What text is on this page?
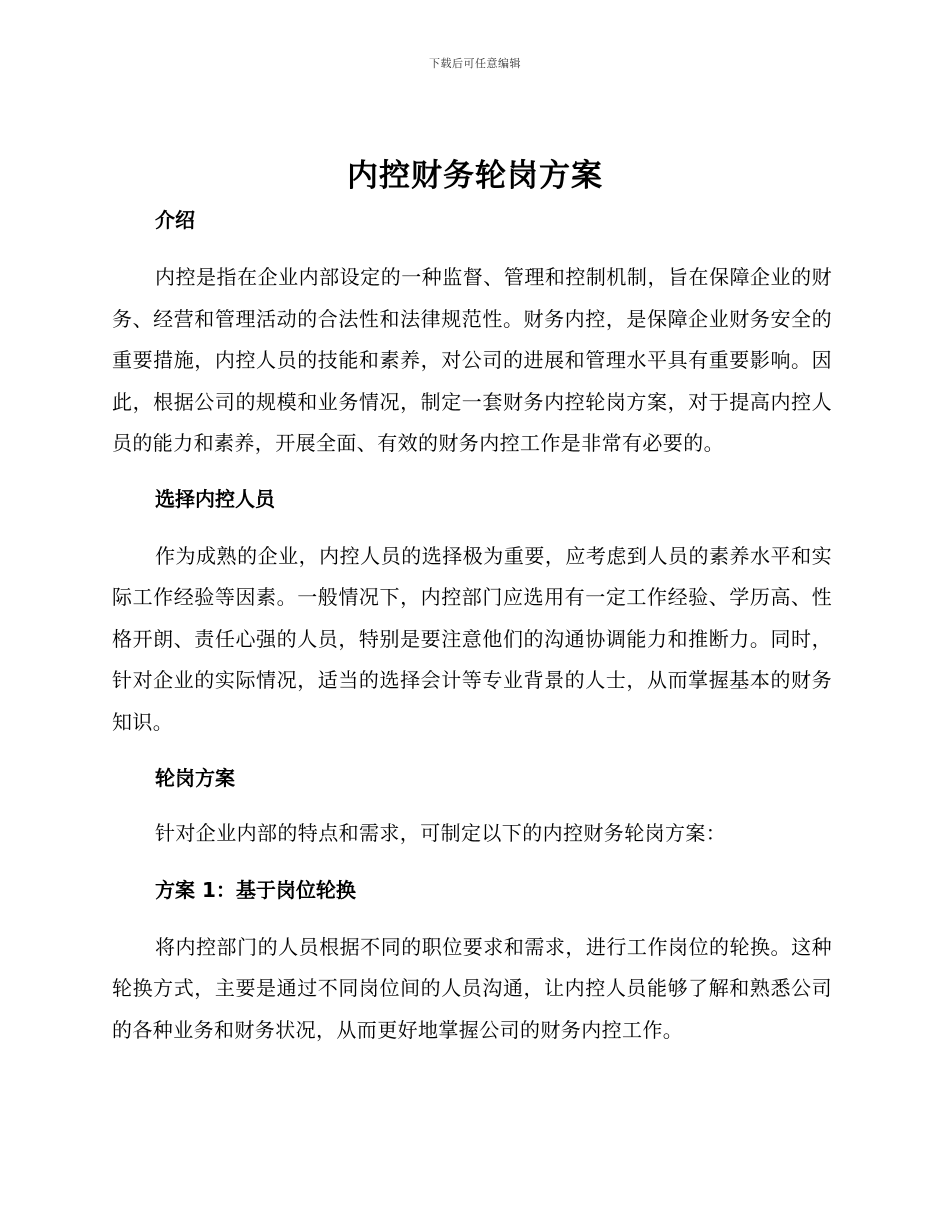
下载后可任意编辑
内控财务轮岗方案
介绍

内控是指在企业内部设定的一种监督、管理和控制机制，旨在保障企业的财务、经营和管理活动的合法性和法律规范性。财务内控，是保障企业财务安全的重要措施，内控人员的技能和素养，对公司的进展和管理水平具有重要影响。因此，根据公司的规模和业务情况，制定一套财务内控轮岗方案，对于提高内控人员的能力和素养，开展全面、有效的财务内控工作是非常有必要的。

选择内控人员

作为成熟的企业，内控人员的选择极为重要，应考虑到人员的素养水平和实际工作经验等因素。一般情况下，内控部门应选用有一定工作经验、学历高、性格开朗、责任心强的人员，特别是要注意他们的沟通协调能力和推断力。同时，针对企业的实际情况，适当的选择会计等专业背景的人士，从而掌握基本的财务知识。

轮岗方案

针对企业内部的特点和需求，可制定以下的内控财务轮岗方案：

方案 1：基于岗位轮换

将内控部门的人员根据不同的职位要求和需求，进行工作岗位的轮换。这种轮换方式，主要是通过不同岗位间的人员沟通，让内控人员能够了解和熟悉公司的各种业务和财务状况，从而更好地掌握公司的财务内控工作。
